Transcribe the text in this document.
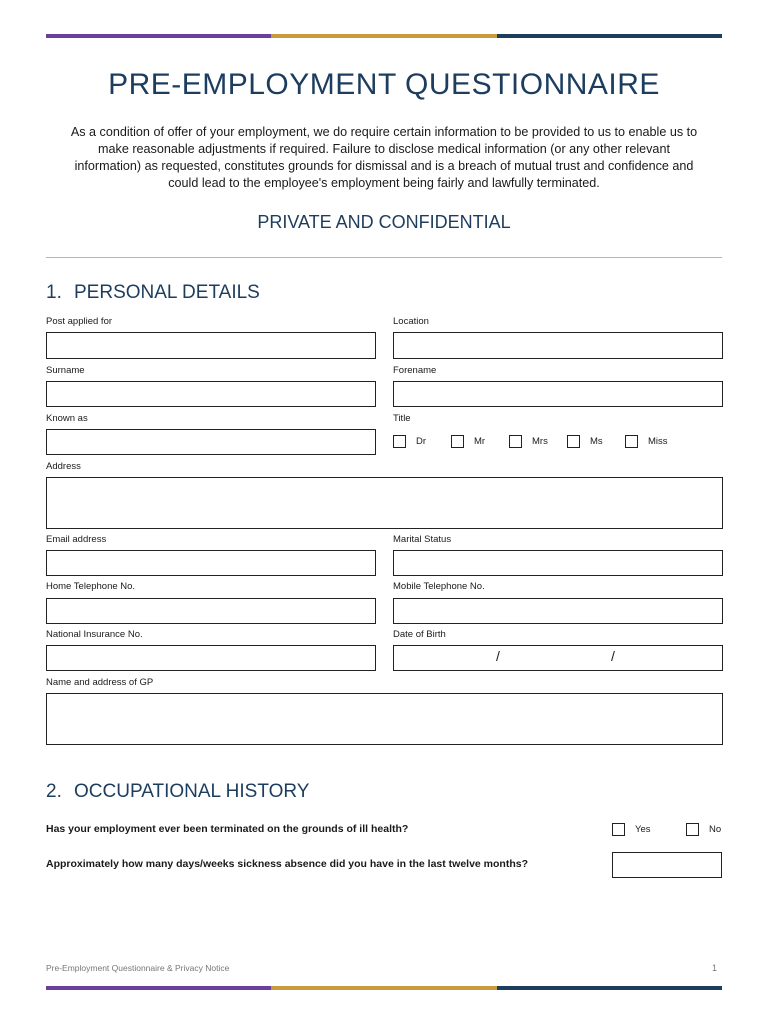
PRE-EMPLOYMENT QUESTIONNAIRE

As a condition of offer of your employment, we do require certain information to be provided to us to enable us to make reasonable adjustments if required. Failure to disclose medical information (or any other relevant information) as requested, constitutes grounds for dismissal and is a breach of mutual trust and confidence and could lead to the employee's employment being fairly and lawfully terminated.

PRIVATE AND CONFIDENTIAL
1. PERSONAL DETAILS
Post applied for	Location
Surname	Forename
Known as	Title
Dr	Mr	Mrs	Ms	Miss
Address
Email address	Marital Status
Home Telephone No.	Mobile Telephone No.
National Insurance No.	Date of Birth
/	/
Name and address of GP
2. OCCUPATIONAL HISTORY
Has your employment ever been terminated on the grounds of ill health?	Yes	No
Approximately how many days/weeks sickness absence did you have in the last twelve months?
Pre-Employment Questionnaire & Privacy Notice	1
